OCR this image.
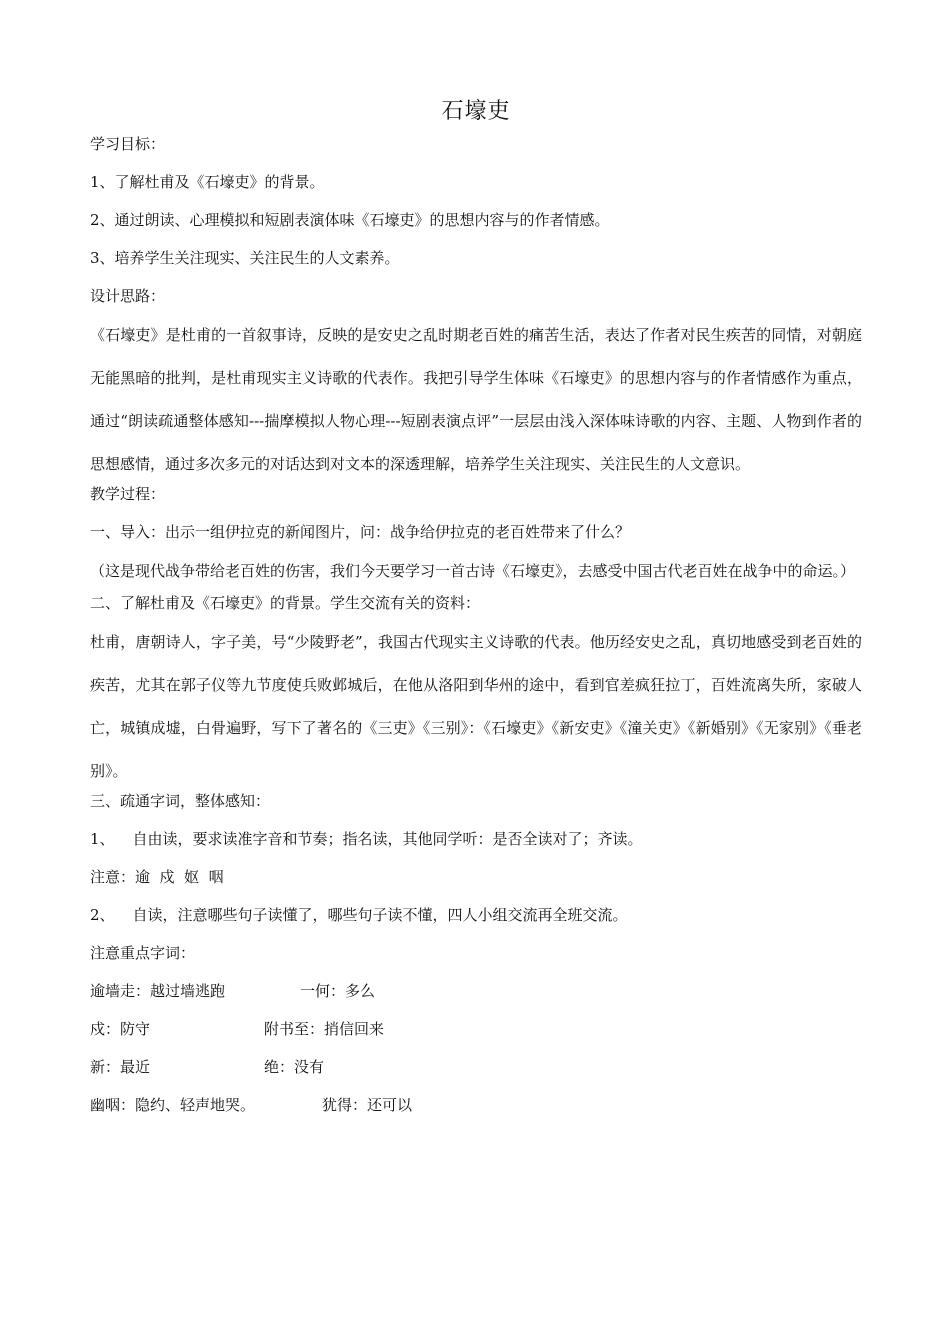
石壕吏
学习目标：
1、了解杜甫及《石壕吏》的背景。
2、通过朗读、心理模拟和短剧表演体味《石壕吏》的思想内容与的作者情感。
3、培养学生关注现实、关注民生的人文素养。
设计思路：
《石壕吏》是杜甫的一首叙事诗，反映的是安史之乱时期老百姓的痛苦生活，表达了作者对民生疾苦的同情，对朝庭无能黑暗的批判，是杜甫现实主义诗歌的代表作。我把引导学生体味《石壕吏》的思想内容与的作者情感作为重点，通过“朗读疏通整体感知---揣摩模拟人物心理---短剧表演点评”一层层由浅入深体味诗歌的内容、主题、人物到作者的思想感情，通过多次多元的对话达到对文本的深透理解，培养学生关注现实、关注民生的人文意识。
教学过程：
一、导入：出示一组伊拉克的新闻图片，问：战争给伊拉克的老百姓带来了什么？
（这是现代战争带给老百姓的伤害，我们今天要学习一首古诗《石壕吏》，去感受中国古代老百姓在战争中的命运。）
二、了解杜甫及《石壕吏》的背景。学生交流有关的资料：
杜甫，唐朝诗人，字子美，号“少陵野老”，我国古代现实主义诗歌的代表。他历经安史之乱，真切地感受到老百姓的疾苦，尤其在郭子仪等九节度使兵败邺城后，在他从洛阳到华州的途中，看到官差疯狂拉丁，百姓流离失所，家破人亡，城镇成墟，白骨遍野，写下了著名的《三吏》《三别》：《石壕吏》《新安吏》《潼关吏》《新婚别》《无家别》《垂老别》。
三、疏通字词，整体感知：
1、 自由读，要求读准字音和节奏；指名读，其他同学听：是否全读对了；齐读。
注意：逾  戍  妪  咽
2、 自读，注意哪些句子读懂了，哪些句子读不懂，四人小组交流再全班交流。
注意重点字词：
逾墙走：越过墙逃跑	一何：多么
戍：防守	附书至：捎信回来
新：最近	绝：没有
幽咽：隐约、轻声地哭。	犹得：还可以
